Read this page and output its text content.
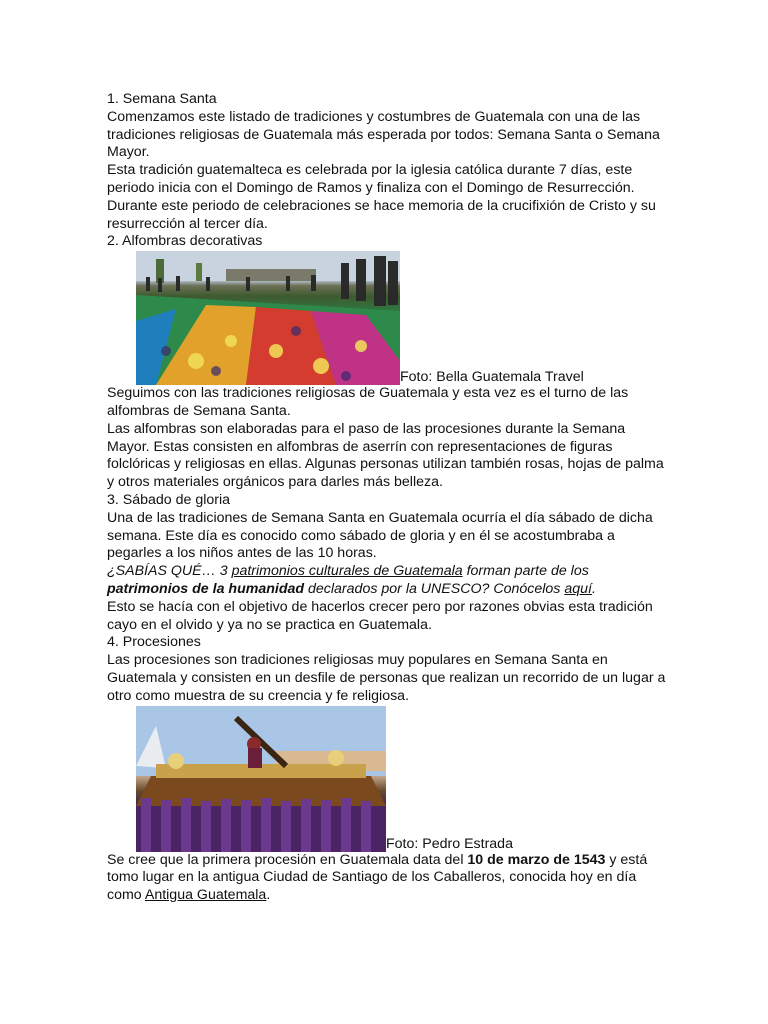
1. Semana Santa

Comenzamos este listado de tradiciones y costumbres de Guatemala con una de las tradiciones religiosas de Guatemala más esperada por todos: Semana Santa o Semana Mayor.

Esta tradición guatemalteca es celebrada por la iglesia católica durante 7 días, este periodo inicia con el Domingo de Ramos y finaliza con el Domingo de Resurrección.

Durante este periodo de celebraciones se hace memoria de la crucifixión de Cristo y su resurrección al tercer día.

2. Alfombras decorativas

Foto: Bella Guatemala Travel

Seguimos con las tradiciones religiosas de Guatemala y esta vez es el turno de las alfombras de Semana Santa.

Las alfombras son elaboradas para el paso de las procesiones durante la Semana Mayor. Estas consisten en alfombras de aserrín con representaciones de figuras folclóricas y religiosas en ellas. Algunas personas utilizan también rosas, hojas de palma y otros materiales orgánicos para darles más belleza.

3. Sábado de gloria

Una de las tradiciones de Semana Santa en Guatemala ocurría el día sábado de dicha semana. Este día es conocido como sábado de gloria y en él se acostumbraba a pegarles a los niños antes de las 10 horas.

¿SABÍAS QUÉ… 3 patrimonios culturales de Guatemala forman parte de los patrimonios de la humanidad declarados por la UNESCO? Conócelos aquí.

Esto se hacía con el objetivo de hacerlos crecer pero por razones obvias esta tradición cayo en el olvido y ya no se practica en Guatemala.

4. Procesiones

Las procesiones son tradiciones religiosas muy populares en Semana Santa en Guatemala y consisten en un desfile de personas que realizan un recorrido de un lugar a otro como muestra de su creencia y fe religiosa.

Foto: Pedro Estrada

Se cree que la primera procesión en Guatemala data del 10 de marzo de 1543 y está tomo lugar en la antigua Ciudad de Santiago de los Caballeros, conocida hoy en día como Antigua Guatemala.
